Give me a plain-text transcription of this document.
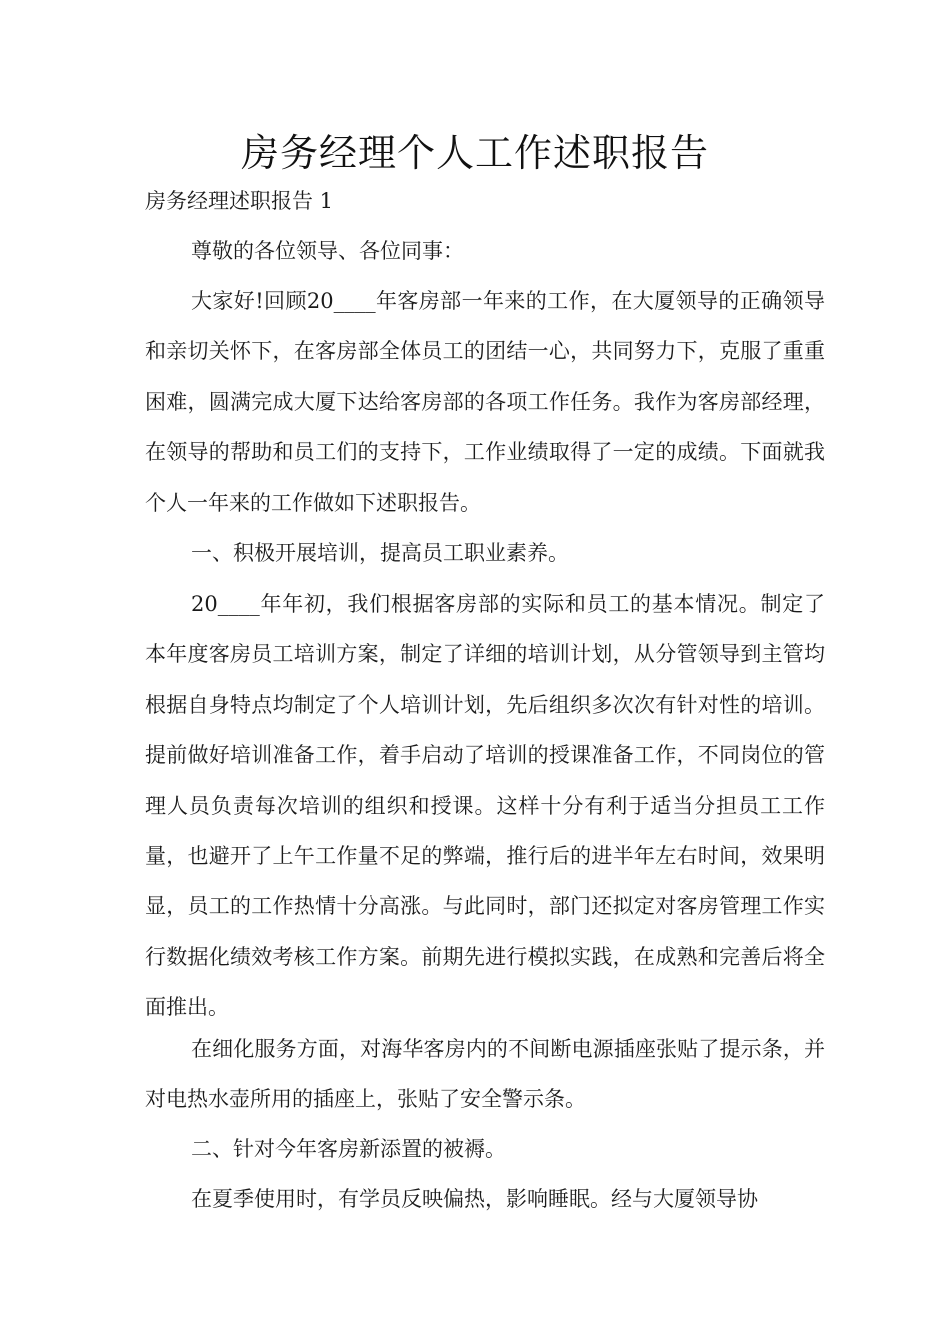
房务经理个人工作述职报告
房务经理述职报告 1

尊敬的各位领导、各位同事：

大家好!回顾20____年客房部一年来的工作，在大厦领导的正确领导和亲切关怀下，在客房部全体员工的团结一心，共同努力下，克服了重重困难，圆满完成大厦下达给客房部的各项工作任务。我作为客房部经理，在领导的帮助和员工们的支持下，工作业绩取得了一定的成绩。下面就我个人一年来的工作做如下述职报告。

一、积极开展培训，提高员工职业素养。

20____年年初，我们根据客房部的实际和员工的基本情况。制定了本年度客房员工培训方案，制定了详细的培训计划，从分管领导到主管均根据自身特点均制定了个人培训计划，先后组织多次次有针对性的培训。提前做好培训准备工作，着手启动了培训的授课准备工作，不同岗位的管理人员负责每次培训的组织和授课。这样十分有利于适当分担员工工作量，也避开了上午工作量不足的弊端，推行后的进半年左右时间，效果明显，员工的工作热情十分高涨。与此同时，部门还拟定对客房管理工作实行数据化绩效考核工作方案。前期先进行模拟实践，在成熟和完善后将全面推出。

在细化服务方面，对海华客房内的不间断电源插座张贴了提示条，并对电热水壶所用的插座上，张贴了安全警示条。

二、针对今年客房新添置的被褥。

在夏季使用时，有学员反映偏热，影响睡眠。经与大厦领导协
